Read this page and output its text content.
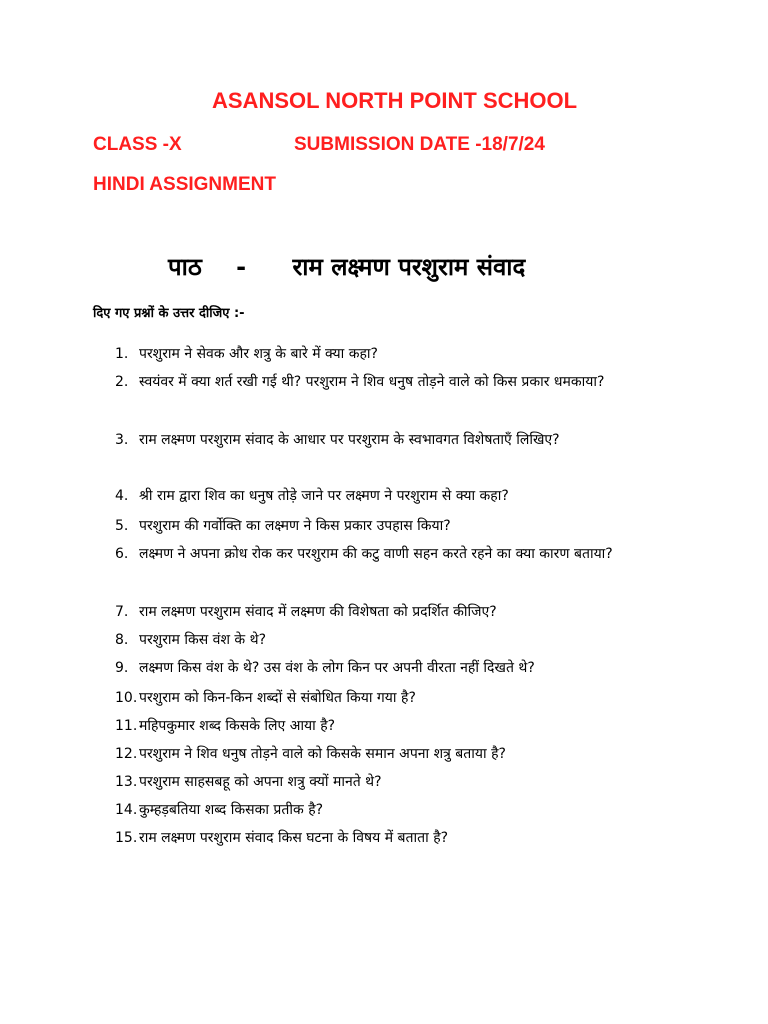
ASANSOL NORTH POINT SCHOOL
CLASS -X	SUBMISSION DATE -18/7/24
HINDI ASSIGNMENT
पाठ - राम लक्ष्मण परशुराम संवाद
दिए गए प्रश्नों के उत्तर दीजिए :-
1. परशुराम ने सेवक और शत्रु के बारे में क्या कहा?
2. स्वयंवर में क्या शर्त रखी गई थी? परशुराम ने शिव धनुष तोड़ने वाले को किस प्रकार धमकाया?
3. राम लक्ष्मण परशुराम संवाद के आधार पर परशुराम के स्वभावगत विशेषताएँ लिखिए?
4. श्री राम द्वारा शिव का धनुष तोड़े जाने पर लक्ष्मण ने परशुराम से क्या कहा?
5. परशुराम की गर्वोक्ति का लक्ष्मण ने किस प्रकार उपहास किया?
6. लक्ष्मण ने अपना क्रोध रोक कर परशुराम की कटु वाणी सहन करते रहने का क्या कारण बताया?
7. राम लक्ष्मण परशुराम संवाद में लक्ष्मण की विशेषता को प्रदर्शित कीजिए?
8. परशुराम किस वंश के थे?
9. लक्ष्मण किस वंश के थे? उस वंश के लोग किन पर अपनी वीरता नहीं दिखते थे?
10. परशुराम को किन-किन शब्दों से संबोधित किया गया है?
11. महिपकुमार शब्द किसके लिए आया है?
12. परशुराम ने शिव धनुष तोड़ने वाले को किसके समान अपना शत्रु बताया है?
13. परशुराम साहसबहू को अपना शत्रु क्यों मानते थे?
14. कुम्हड़बतिया शब्द किसका प्रतीक है?
15. राम लक्ष्मण परशुराम संवाद किस घटना के विषय में बताता है?
